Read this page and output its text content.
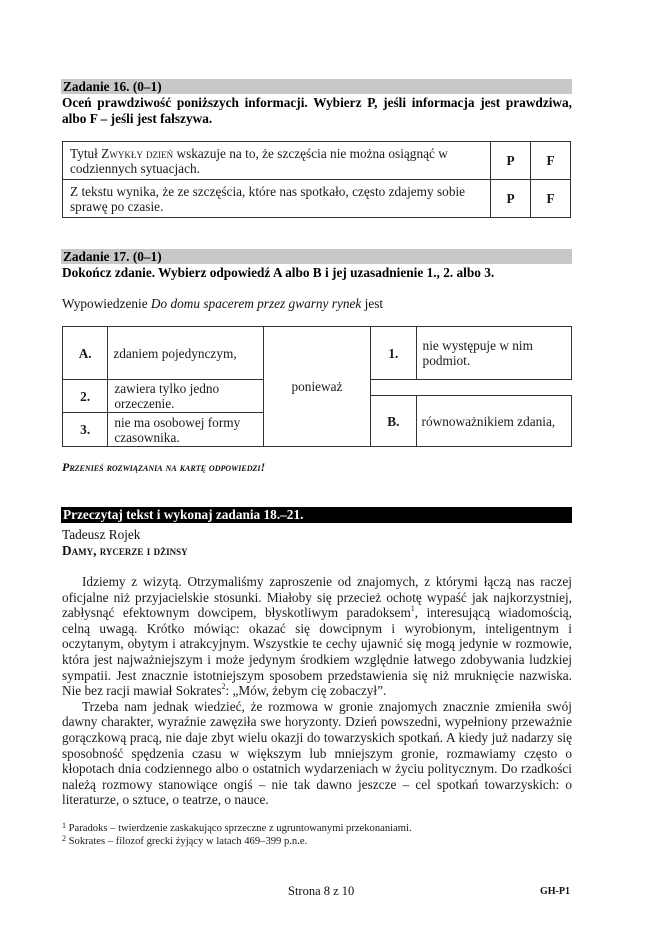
Zadanie 16. (0–1)
Oceń prawdziwość poniższych informacji. Wybierz P, jeśli informacja jest prawdziwa, albo F – jeśli jest fałszywa.
Tytuł Zwykły dzień wskazuje na to, że szczęścia nie można osiągnąć w codziennych sytuacjach.	P	F
Z tekstu wynika, że ze szczęścia, które nas spotkało, często zdajemy sobie sprawę po czasie.	P	F
Zadanie 17. (0–1)
Dokończ zdanie. Wybierz odpowiedź A albo B i jej uzasadnienie 1., 2. albo 3.
Wypowiedzenie Do domu spacerem przez gwarny rynek jest
A.	zdaniem pojedynczym,	ponieważ	1.	nie występuje w nim podmiot.

2.	zawiera tylko jedno orzeczenie.			
			B.	równoważnikiem zdania,
3.	nie ma osobowej formy czasownika.			

Przenieś rozwiązania na kartę odpowiedzi!
Przeczytaj tekst i wykonaj zadania 18.–21.
Tadeusz Rojek
Damy, rycerze i dżinsy

Idziemy z wizytą. Otrzymaliśmy zaproszenie od znajomych, z którymi łączą nas raczej oficjalne niż przyjacielskie stosunki. Miałoby się przecież ochotę wypaść jak najkorzystniej, zabłysnąć efektownym dowcipem, błyskotliwym paradoksem$^1$, interesującą wiadomością, celną uwagą. Krótko mówiąc: okazać się dowcipnym i wyrobionym, inteligentnym i oczytanym, obytym i atrakcyjnym. Wszystkie te cechy ujawnić się mogą jedynie w rozmowie, która jest najważniejszym i może jedynym środkiem względnie łatwego zdobywania ludzkiej sympatii. Jest znacznie istotniejszym sposobem przedstawienia się niż mruknięcie nazwiska. Nie bez racji mawiał Sokrates$^2$: „Mów, żebym cię zobaczył”.

Trzeba nam jednak wiedzieć, że rozmowa w gronie znajomych znacznie zmieniła swój dawny charakter, wyraźnie zawęziła swe horyzonty. Dzień powszedni, wypełniony przeważnie gorączkową pracą, nie daje zbyt wielu okazji do towarzyskich spotkań. A kiedy już nadarzy się sposobność spędzenia czasu w większym lub mniejszym gronie, rozmawiamy często o kłopotach dnia codziennego albo o ostatnich wydarzeniach w życiu politycznym. Do rzadkości należą rozmowy stanowiące ongiś – nie tak dawno jeszcze – cel spotkań towarzyskich: o literaturze, o sztuce, o teatrze, o nauce.

$^1$ Paradoks – twierdzenie zaskakująco sprzeczne z ugruntowanymi przekonaniami.
$^2$ Sokrates – filozof grecki żyjący w latach 469–399 p.n.e.
Strona 8 z 10	GH-P1
